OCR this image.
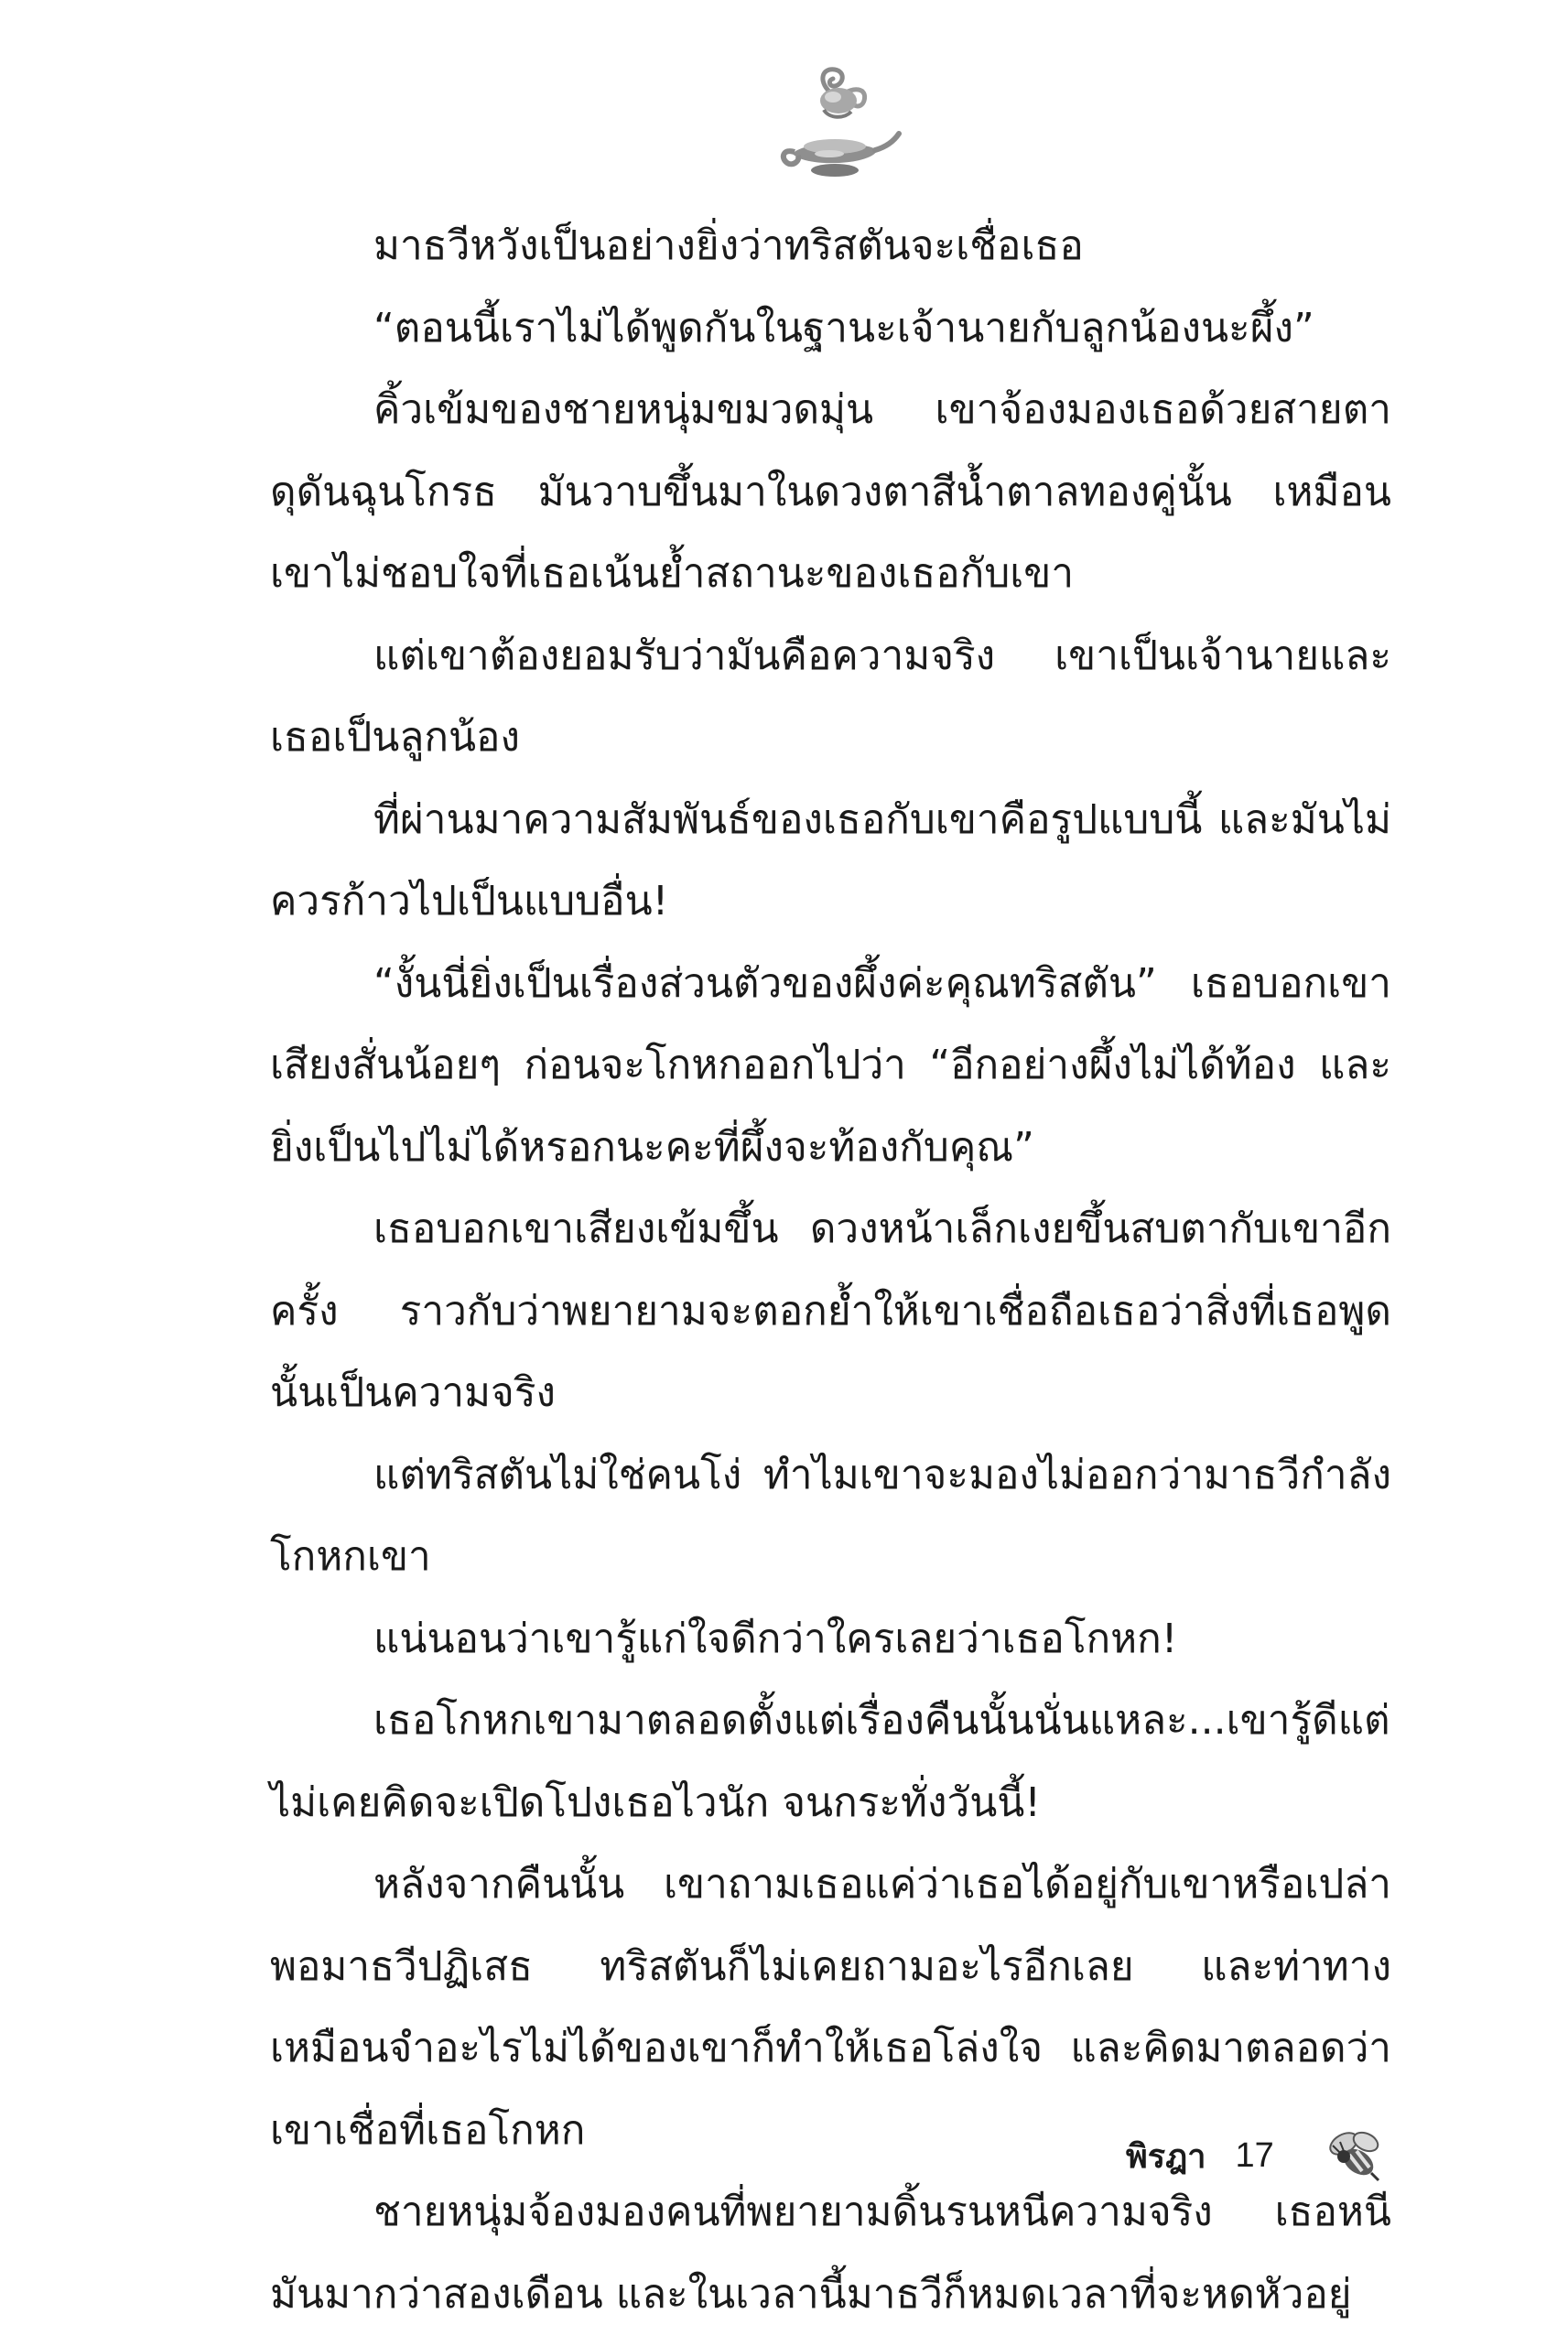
มาธวีหวังเป็นอย่างยิ่งว่าทริสตันจะเชื่อเธอ

“ตอนนี้เราไม่ได้พูดกันในฐานะเจ้านายกับลูกน้องนะผึ้ง”

คิ้วเข้มของชายหนุ่มขมวดมุ่น เขาจ้องมองเธอด้วยสายตาดุดันฉุนโกรธ มันวาบขึ้นมาในดวงตาสีน้ำตาลทองคู่นั้น เหมือนเขาไม่ชอบใจที่เธอเน้นย้ำสถานะของเธอกับเขา

แต่เขาต้องยอมรับว่ามันคือความจริง เขาเป็นเจ้านายและเธอเป็นลูกน้อง

ที่ผ่านมาความสัมพันธ์ของเธอกับเขาคือรูปแบบนี้ และมันไม่ควรก้าวไปเป็นแบบอื่น!

“งั้นนี่ยิ่งเป็นเรื่องส่วนตัวของผึ้งค่ะคุณทริสตัน” เธอบอกเขาเสียงสั่นน้อยๆ ก่อนจะโกหกออกไปว่า “อีกอย่างผึ้งไม่ได้ท้อง และยิ่งเป็นไปไม่ได้หรอกนะคะที่ผึ้งจะท้องกับคุณ”

เธอบอกเขาเสียงเข้มขึ้น ดวงหน้าเล็กเงยขึ้นสบตากับเขาอีกครั้ง ราวกับว่าพยายามจะตอกย้ำให้เขาเชื่อถือเธอว่าสิ่งที่เธอพูดนั้นเป็นความจริง

แต่ทริสตันไม่ใช่คนโง่ ทำไมเขาจะมองไม่ออกว่ามาธวีกำลังโกหกเขา

แน่นอนว่าเขารู้แก่ใจดีกว่าใครเลยว่าเธอโกหก!

เธอโกหกเขามาตลอดตั้งแต่เรื่องคืนนั้นนั่นแหละ...เขารู้ดีแต่ไม่เคยคิดจะเปิดโปงเธอไวนัก จนกระทั่งวันนี้!

หลังจากคืนนั้น เขาถามเธอแค่ว่าเธอได้อยู่กับเขาหรือเปล่าพอมาธวีปฏิเสธ ทริสตันก็ไม่เคยถามอะไรอีกเลย และท่าทางเหมือนจำอะไรไม่ได้ของเขาก็ทำให้เธอโล่งใจ และคิดมาตลอดว่าเขาเชื่อที่เธอโกหก

ชายหนุ่มจ้องมองคนที่พยายามดิ้นรนหนีความจริง เธอหนีมันมากว่าสองเดือน และในเวลานี้มาธวีก็หมดเวลาที่จะหดหัวอยู่

พิรฎา 17
